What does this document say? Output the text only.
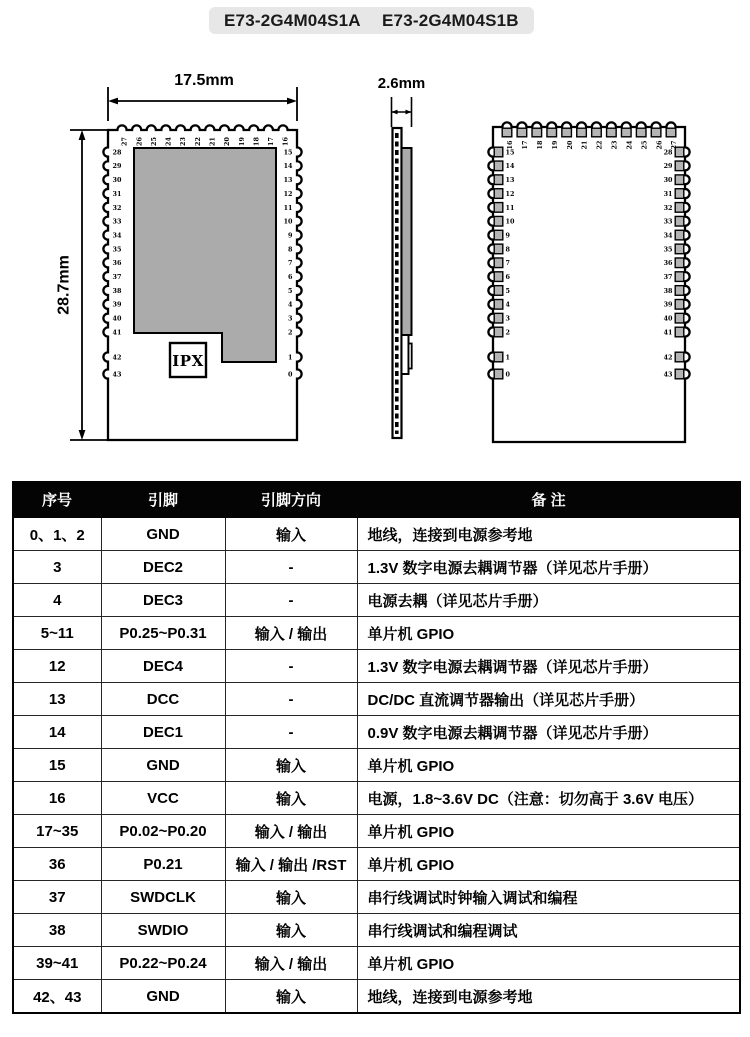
E73-2G4M04S1A	E73-2G4M04S1B
IPX
27 26 25 24 23 22 21 20 19 18 17 16
28
29
30
31
32
33
34
35
36
37
38
39
40
41
42
43
15
14
13
12
11
10
9
8
7
6
5
4
3
2
1
0
17.5mm
28.7mm
2.6mm
16 17 18 19 20 21 22 23 24 25 26 27
15
14
13
12
11
10
9
8
7
6
5
4
3
2
1
0
28
29
30
31
32
33
34
35
36
37
38
39
40
41
42
43
序号	引脚	引脚方向	备 注
0、1、2	GND	输入	地线，连接到电源参考地
3	DEC2	-	1.3V 数字电源去耦调节器（详见芯片手册）
4	DEC3	-	电源去耦（详见芯片手册）
5~11	P0.25~P0.31	输入 / 输出	单片机 GPIO
12	DEC4	-	1.3V 数字电源去耦调节器（详见芯片手册）
13	DCC	-	DC/DC 直流调节器输出（详见芯片手册）
14	DEC1	-	0.9V 数字电源去耦调节器（详见芯片手册）
15	GND	输入	单片机 GPIO
16	VCC	输入	电源，1.8~3.6V DC（注意：切勿高于 3.6V 电压）
17~35	P0.02~P0.20	输入 / 输出	单片机 GPIO
36	P0.21	输入 / 输出 /RST	单片机 GPIO
37	SWDCLK	输入	串行线调试时钟输入调试和编程
38	SWDIO	输入	串行线调试和编程调试
39~41	P0.22~P0.24	输入 / 输出	单片机 GPIO
42、43	GND	输入	地线，连接到电源参考地
